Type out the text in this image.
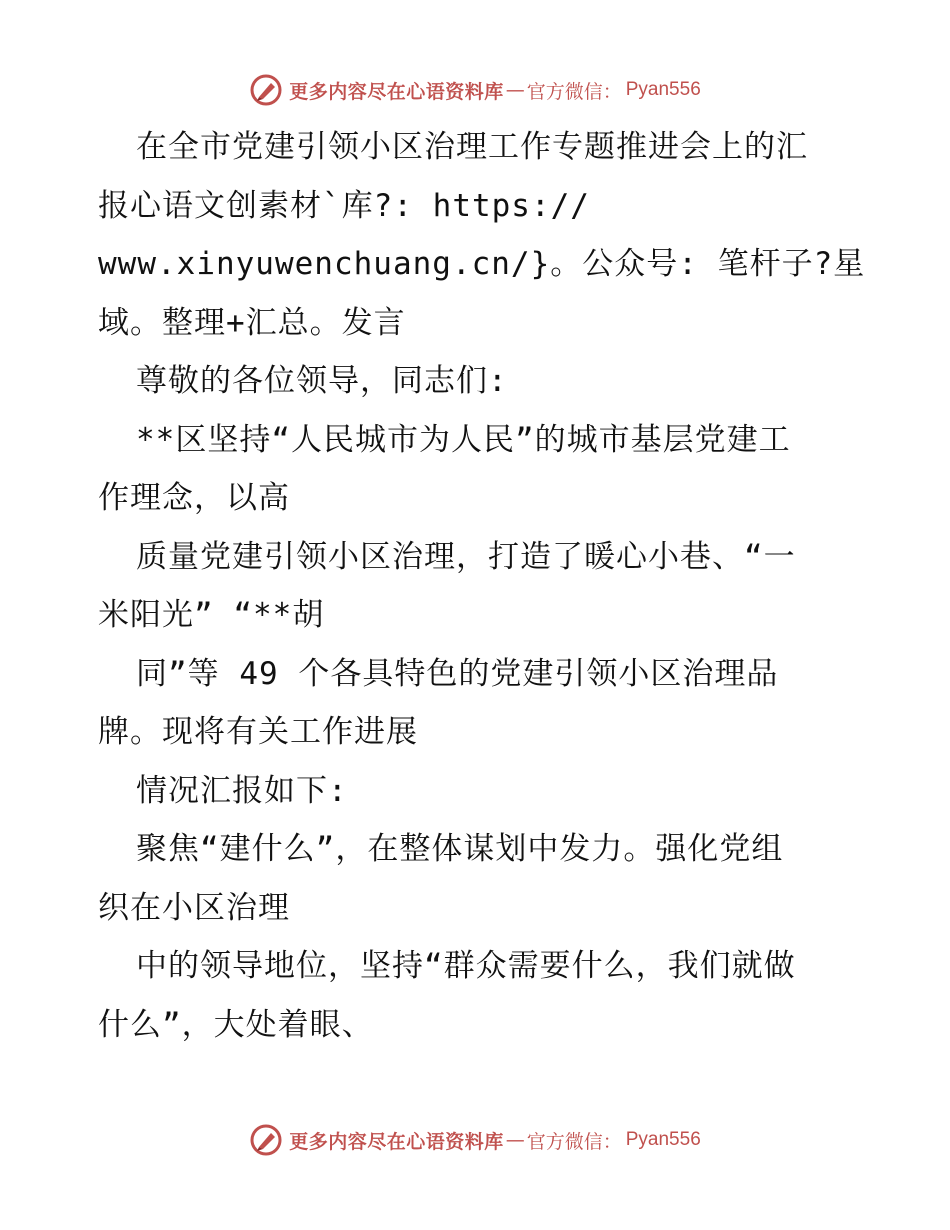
更多内容尽在心语资料库 — 官方微信： Pyan556
在全市党建引领小区治理工作专题推进会上的汇
报心语文创素材`库?: https://
www.xinyuwenchuang.cn/}。公众号: 笔杆子?星
域。整理+汇总。发言
尊敬的各位领导，同志们:
**区坚持“人民城市为人民”的城市基层党建工
作理念，以高
质量党建引领小区治理，打造了暖心小巷、“一
米阳光” “**胡
同”等 49 个各具特色的党建引领小区治理品
牌。现将有关工作进展
情况汇报如下:
聚焦“建什么”，在整体谋划中发力。强化党组
织在小区治理
中的领导地位，坚持“群众需要什么，我们就做
什么”，大处着眼、
更多内容尽在心语资料库 — 官方微信： Pyan556
